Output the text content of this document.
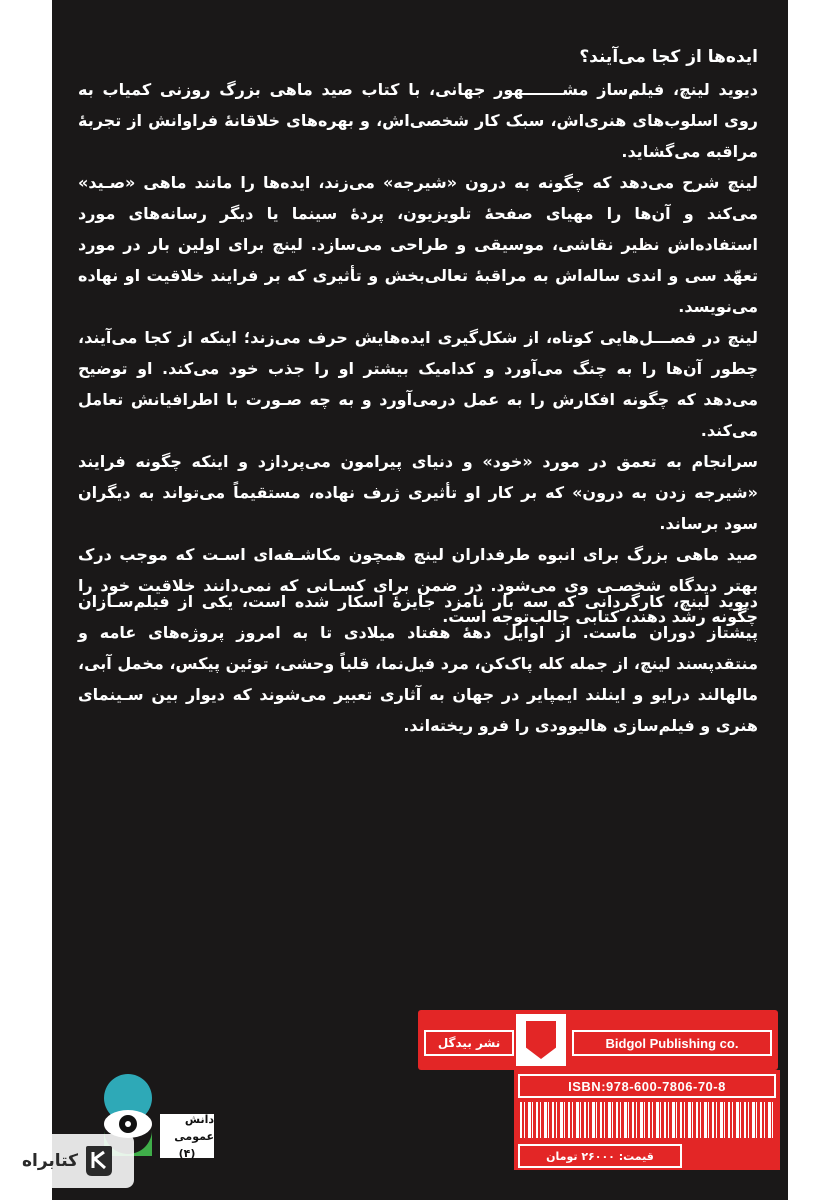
ایده‌ها از کجا می‌آیند؟

دیوید لینچ، فیلم‌ساز مشـــــــهور جهانی، با کتاب صید ماهی بزرگ روزنی کمیاب به روی اسلوب‌های هنری‌اش، سبک کار شخصی‌اش، و بهره‌های خلاقانهٔ فراوانش از تجربهٔ مراقبه می‌گشاید.

لینچ شرح می‌دهد که چگونه به درون «شیرجه» می‌زند، ایده‌ها را مانند ماهی «صـید» می‌کند و آن‌ها را مهیای صفحهٔ تلویزیون، پردهٔ سینما یا دیگر رسانه‌های مورد استفاده‌اش نظیر نقاشی، موسیقی و طراحی می‌سازد. لینچ برای اولین بار در مورد تعهّد سی و اندی ساله‌اش به مراقبهٔ تعالی‌بخش و تأثیری که بر فرایند خلاقیت او نهاده می‌نویسد.

لینچ در فصـــل‌هایی کوتاه، از شکل‌گیری ایده‌هایش حرف می‌زند؛ اینکه از کجا می‌آیند، چطور آن‌ها را به چنگ می‌آورد و کدامیک بیشتر او را جذب خود می‌کند. او توضیح می‌دهد که چگونه افکارش را به عمل درمی‌آورد و به چه صـورت با اطرافیانش تعامل می‌کند.

سرانجام به تعمق در مورد «خود» و دنیای پیرامون می‌پردازد و اینکه چگونه فرایند «شیرجه زدن به درون» که بر کار او تأثیری ژرف نهاده، مستقیماً می‌تواند به دیگران سود برساند.

صید ماهی بزرگ برای انبوه طرفداران لینچ همچون مکاشـفه‌ای اسـت که موجب درک بهتر دیدگاه شخصـی وی می‌شود. در ضمن برای کسـانی که نمی‌دانند خلاقیت خود را چگونه رشد دهند، کتابی جالب‌توجه است.

دیوید لینچ، کارگردانی که سه بار نامزد جایزهٔ اسکار شده است، یکی از فیلم‌سـازان پیشتاز دوران ماست. از اوایل دههٔ هفتاد میلادی تا به امروز پروژه‌های عامه و منتقدپسند لینچ، از جمله کله پاک‌کن، مرد فیل‌نما، قلباً وحشی، توئین پیکس، مخمل آبی، مالهالند درایو و اینلند ایمپایر در جهان به آثاری تعبیر می‌شوند که دیوار بین سـینمای هنری و فیلم‌سازی هالیوودی را فرو ریخته‌اند.

نشر بیدگل	Bidgol Publishing co.
ISBN:978-600-7806-70-8
قیمت: ۲۶۰۰۰ تومان
دانش عمومی
(۴)
کتابراه
